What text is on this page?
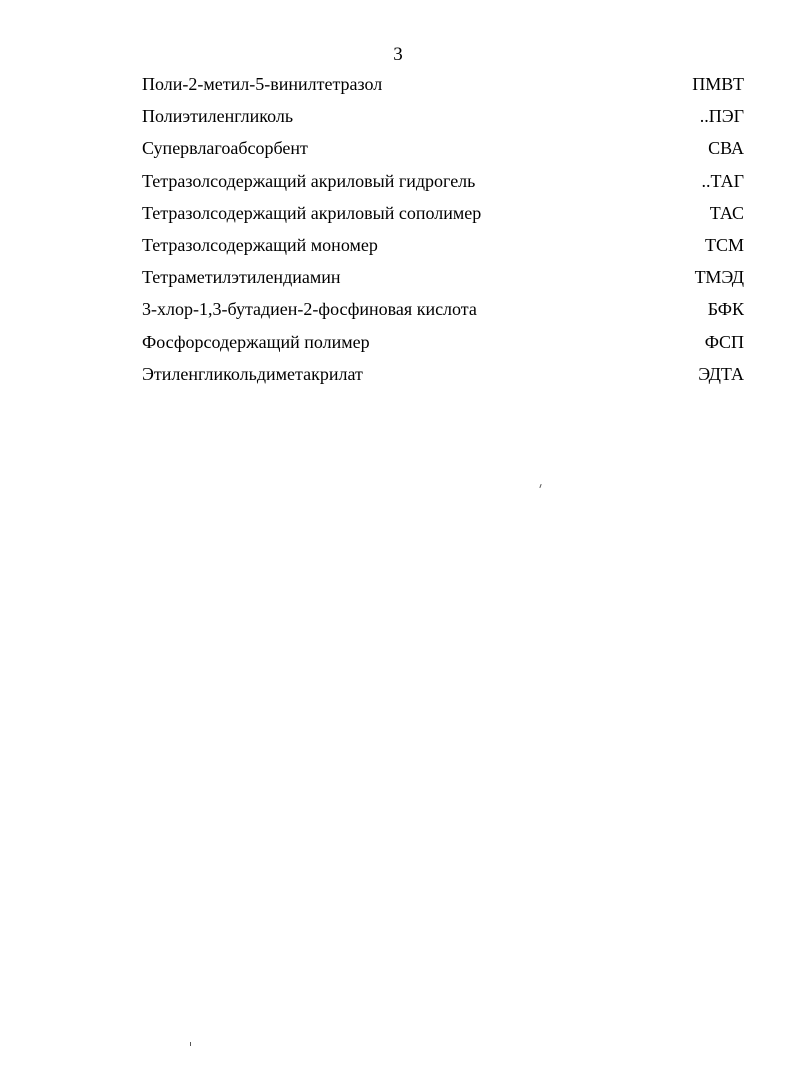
3
Поли-2-метил-5-винилтетразол	ПМВТ
Полиэтиленгликоль	..ПЭГ
Супервлагоабсорбент	СВА
Тетразолсодержащий акриловый гидрогель	..ТАГ
Тетразолсодержащий акриловый сополимер	ТАС
Тетразолсодержащий мономер	ТСМ
Тетраметилэтилендиамин	ТМЭД
3-хлор-1,3-бутадиен-2-фосфиновая кислота	БФК
Фосфорсодержащий полимер	ФСП
Этиленгликольдиметакрилат	ЭДТА
